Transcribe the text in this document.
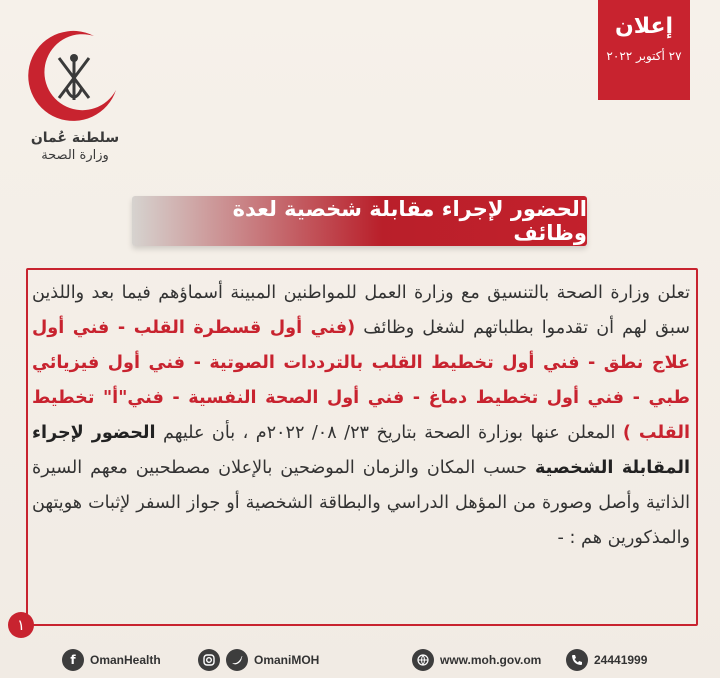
سلطنة عُمان
وزارة الصحة
إعلان
٢٧ أكتوبر ٢٠٢٢
الحضور لإجراء مقابلة شخصية لعدة وظائف
تعلن وزارة الصحة بالتنسيق مع وزارة العمل للمواطنين المبينة أسماؤهم فيما بعد واللذين سبق لهم أن تقدموا بطلباتهم لشغل وظائف (فني أول قسطرة القلب - فني أول علاج نطق - فني أول تخطيط القلب بالترددات الصوتية - فني أول فيزيائي طبي - فني أول تخطيط دماغ - فني أول الصحة النفسية - فني"أ" تخطيط القلب ) المعلن عنها بوزارة الصحة بتاريخ ٢٣/ ٠٨/ ٢٠٢٢م ، بأن عليهم الحضور لإجراء المقابلة الشخصية حسب المكان والزمان الموضحين بالإعلان مصطحبين معهم السيرة الذاتية وأصل وصورة من المؤهل الدراسي والبطاقة الشخصية أو جواز السفر لإثبات هويتهن والمذكورين هم : -
١
f	OmanHealth	OmaniMOH	www.moh.gov.om	24441999
